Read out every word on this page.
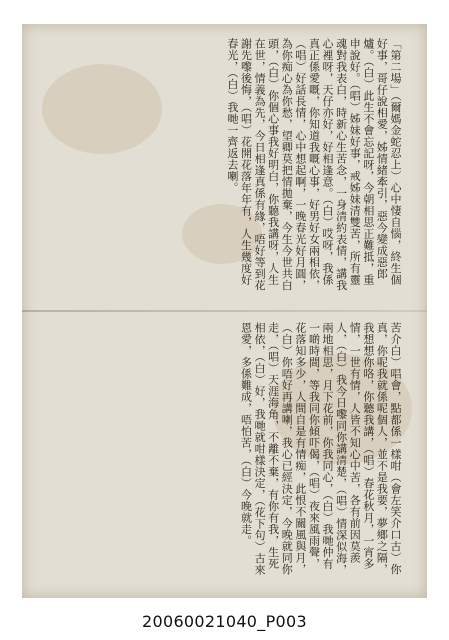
「第二場」（爾媽金蛇忍上）心中悽自惱，終生個好事，哥仔說相愛，姊情緒牽引，惡今變成惡郎爐。（白）此生不會忘記呀，今朝相思正難抵，重申說好。（唱）姊妹好事，戒姊妹清雙苦，所有靈魂對我表白，時新心生苦念，一身清約表情，講我心裡呀，天仔亦好，好相逢意。（白）哎呀，我係真正係愛嘅，你知道我嘅心事，好男好女兩相依，（唱）好話長情，心中想起啊，一晚春光好月圓，為你痴心為你愁，望卿莫把情拋棄，今生今世共白頭，（白）你個心事我好明白，你聽我講呀，人生在世，情義為先，今日相逢真係有緣，唔好等到花謝先嚟後悔，（唱）花開花落年年有，人生幾度好春光，（白）我哋一齊返去喇。
苦介白）唱會，點都係一樣咁（會左笑介口古）你真，你呢我就係呢個人，並不是我要，夢鄉之隔，我想想你咯，你聽我講，（唱）春花秋月，一宵多情，一世有情，人皆不知心中苦，各有前因莫羨人，（白）我今日嚟同你講清楚，（唱）情深似海，兩地相思，月下花前，你我同心，（白）我哋仲有一啲時間，等我同你傾吓偈，（唱）夜來風雨聲，花落知多少，人間自是有情痴，此恨不關風與月，（白）你唔好再講喇，我心已經決定，今晚就同你走，（唱）天涯海角，不離不棄，有你有我，生死相依，（白）好，我哋就咁樣決定，（花下句）古來恩愛，多係難成，唔怕苦，（白）今晚就走。
20060021040_P003
